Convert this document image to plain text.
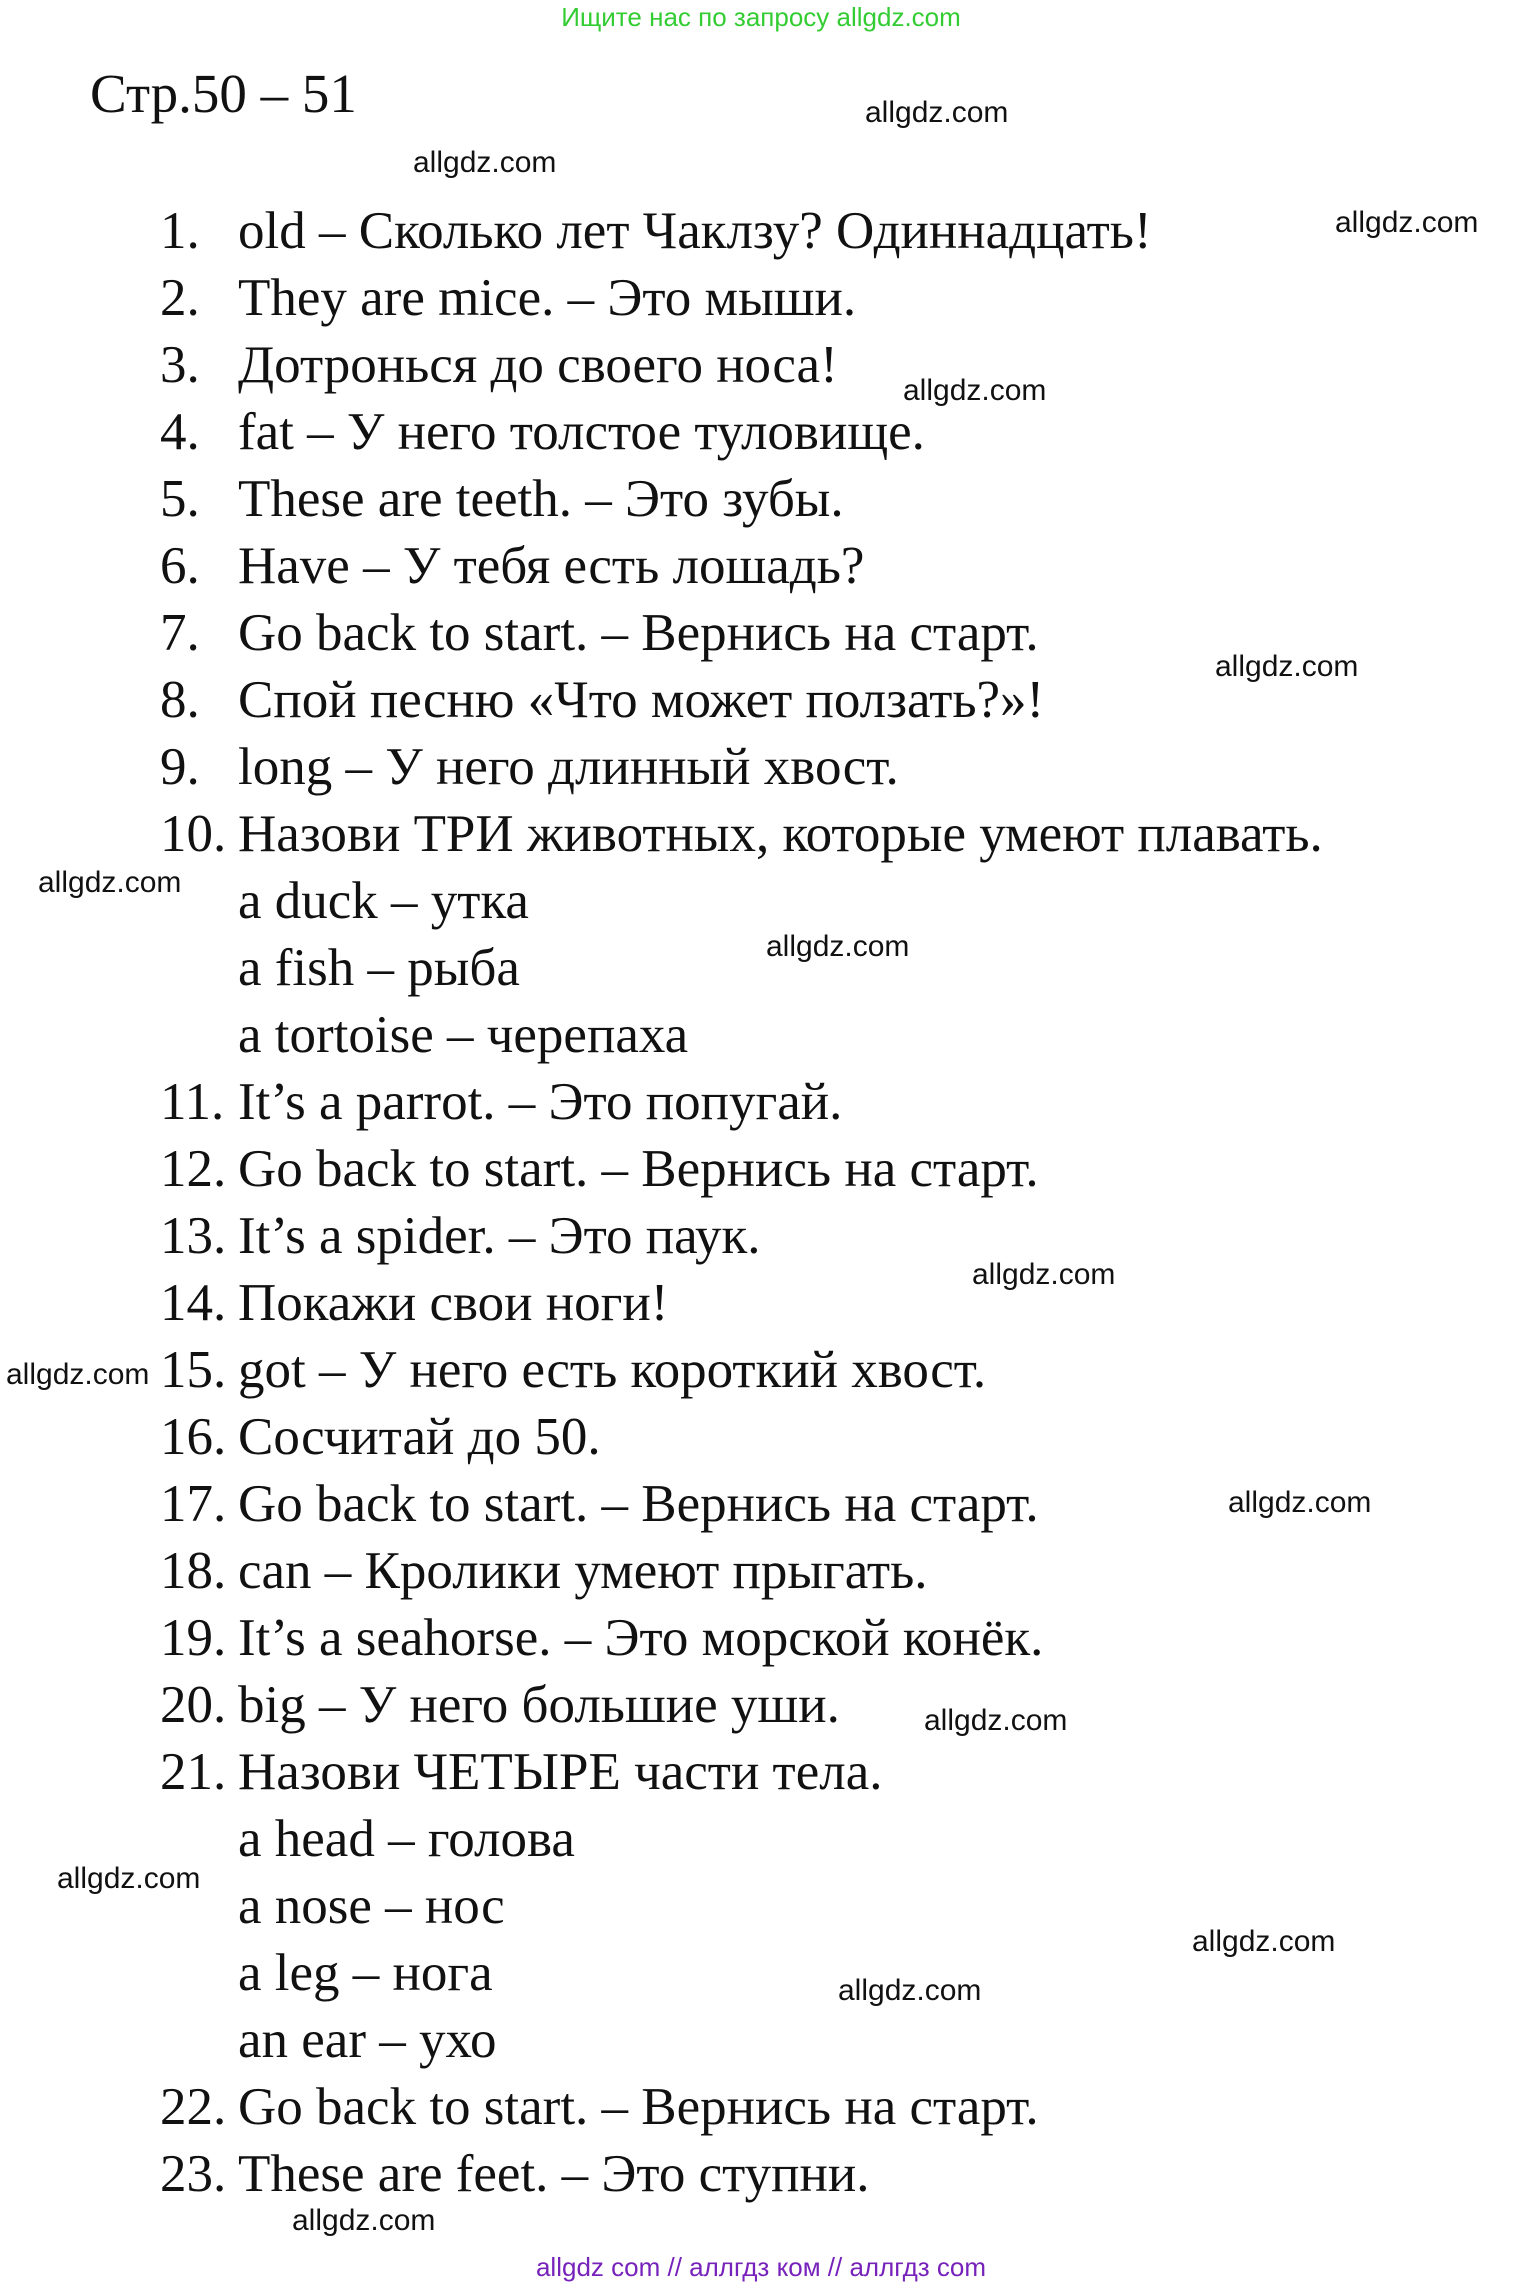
Ищите нас по запросу allgdz.com
Стр.50 – 51
1. old – Сколько лет Чаклзу? Одиннадцать!
2. They are mice. – Это мыши.
3. Дотронься до своего носа!
4. fat – У него толстое туловище.
5. These are teeth. – Это зубы.
6. Have – У тебя есть лошадь?
7. Go back to start. – Вернись на старт.
8. Спой песню «Что может ползать?»!
9. long – У него длинный хвост.
10. Назови ТРИ животных, которые умеют плавать.
a duck – утка
a fish – рыба
a tortoise – черепаха
11. It’s a parrot. – Это попугай.
12. Go back to start. – Вернись на старт.
13. It’s a spider. – Это паук.
14. Покажи свои ноги!
15. got – У него есть короткий хвост.
16. Сосчитай до 50.
17. Go back to start. – Вернись на старт.
18. can – Кролики умеют прыгать.
19. It’s a seahorse. – Это морской конёк.
20. big – У него большие уши.
21. Назови ЧЕТЫРЕ части тела.
a head – голова
a nose – нос
a leg – нога
an ear – ухо
22. Go back to start. – Вернись на старт.
23. These are feet. – Это ступни.
allgdz.com
allgdz.com
allgdz.com
allgdz.com
allgdz.com
allgdz.com
allgdz.com
allgdz.com
allgdz.com
allgdz.com
allgdz.com
allgdz.com
allgdz.com
allgdz.com
allgdz.com
allgdz com // аллгдз ком // аллгдз com
